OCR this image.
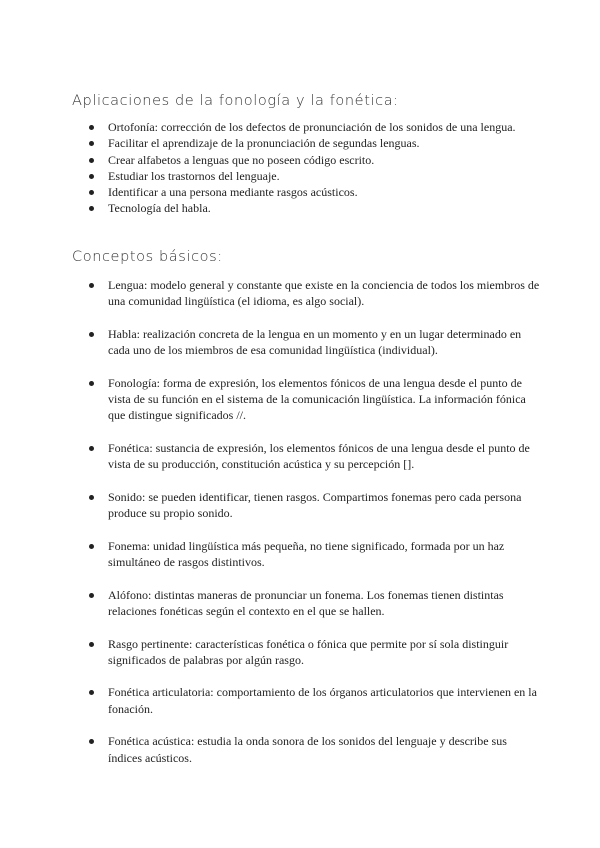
Aplicaciones de la fonología y la fonética:
Ortofonía: corrección de los defectos de pronunciación de los sonidos de una lengua.
Facilitar el aprendizaje de la pronunciación de segundas lenguas.
Crear alfabetos a lenguas que no poseen código escrito.
Estudiar los trastornos del lenguaje.
Identificar a una persona mediante rasgos acústicos.
Tecnología del habla.
Conceptos básicos:
Lengua: modelo general y constante que existe en la conciencia de todos los miembros de una comunidad lingüística (el idioma, es algo social).
Habla: realización concreta de la lengua en un momento y en un lugar determinado en cada uno de los miembros de esa comunidad lingüística (individual).
Fonología: forma de expresión, los elementos fónicos de una lengua desde el punto de vista de su función en el sistema de la comunicación lingüística. La información fónica que distingue significados //.
Fonética: sustancia de expresión, los elementos fónicos de una lengua desde el punto de vista de su producción, constitución acústica y su percepción [].
Sonido: se pueden identificar, tienen rasgos. Compartimos fonemas pero cada persona produce su propio sonido.
Fonema: unidad lingüística más pequeña, no tiene significado, formada por un haz simultáneo de rasgos distintivos.
Alófono: distintas maneras de pronunciar un fonema. Los fonemas tienen distintas relaciones fonéticas según el contexto en el que se hallen.
Rasgo pertinente: características fonética o fónica que permite por sí sola distinguir significados de palabras por algún rasgo.
Fonética articulatoria: comportamiento de los órganos articulatorios que intervienen en la fonación.
Fonética acústica: estudia la onda sonora de los sonidos del lenguaje y describe sus índices acústicos.
